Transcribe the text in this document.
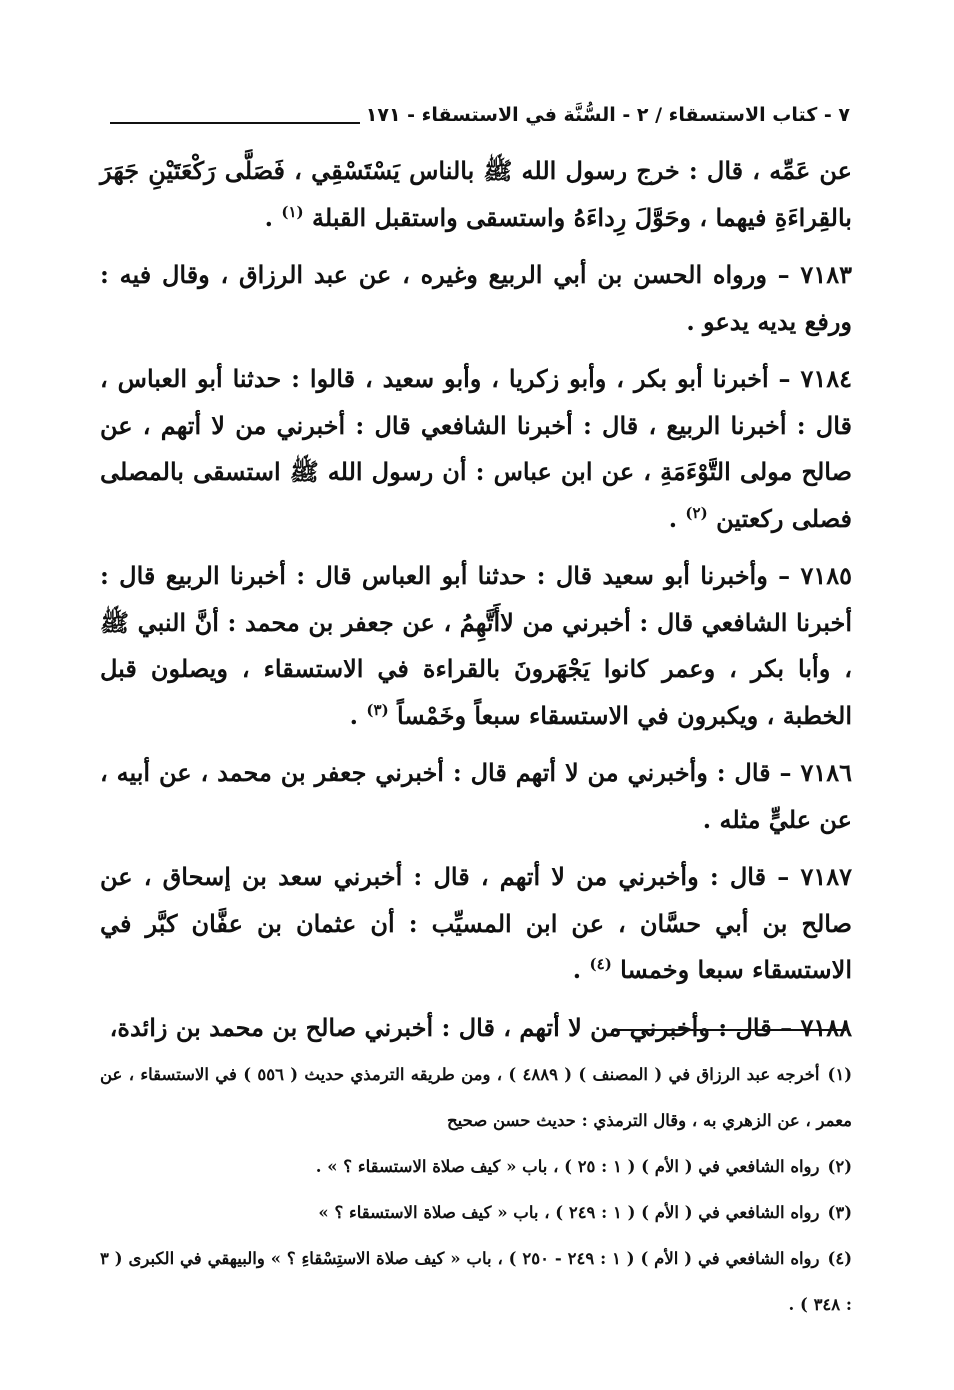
٧ - كتاب الاستسقاء / ٢ - السُّنَّة في الاستسقاء - ١٧١

عن عَمِّه ، قال : خرج رسول الله ﷺ بالناس يَسْتَسْقِي ، فَصَلَّى رَكْعَتَيْنِ جَهَرَ بالقِراءَةِ فيهما ، وحَوَّلَ رِداءَهُ واستسقى واستقبل القبلة $^{(١)}$ .

٧١٨٣ – ورواه الحسن بن أبي الربيع وغيره ، عن عبد الرزاق ، وقال فيه : ورفع يديه يدعو .

٧١٨٤ – أخبرنا أبو بكر ، وأبو زكريا ، وأبو سعيد ، قالوا : حدثنا أبو العباس ، قال : أخبرنا الربيع ، قال : أخبرنا الشافعي قال : أخبرني من لا أتهم ، عن صالح مولى التَّوْءَمَةِ ، عن ابن عباس : أن رسول الله ﷺ استسقى بالمصلى فصلى ركعتين $^{(٢)}$ .

٧١٨٥ – وأخبرنا أبو سعيد قال : حدثنا أبو العباس قال : أخبرنا الربيع قال : أخبرنا الشافعي قال : أخبرني من لاأَتَّهِمُ ، عن جعفر بن محمد : أنَّ النبي ﷺ ، وأبا بكر ، وعمر كانوا يَجْهَرونَ بالقراءة في الاستسقاء ، ويصلون قبل الخطبة ، ويكبرون في الاستسقاء سبعاً وخَمْساً $^{(٣)}$ .

٧١٨٦ – قال : وأخبرني من لا أتهم قال : أخبرني جعفر بن محمد ، عن أبيه ، عن عليٍّ مثله .

٧١٨٧ – قال : وأخبرني من لا أتهم ، قال : أخبرني سعد بن إسحاق ، عن صالح بن أبي حسَّان ، عن ابن المسيِّب : أن عثمان بن عفَّان كبَّر في الاستسقاء سبعا وخمسا $^{(٤)}$ .

٧١٨٨ – قال : وأخبرني من لا أتهم ، قال : أخبرني صالح بن محمد بن زائدة،

(١)أخرجه عبد الرزاق في ( المصنف ) ( ٤٨٨٩ ) ، ومن طريقه الترمذي حديث ( ٥٥٦ ) في الاستسقاء ، عن معمر ، عن الزهري به ، وقال الترمذي : حديث حسن صحيح

(٢)رواه الشافعي في ( الأم ) ( ١ : ٢٥ ) ، باب « كيف صلاة الاستسقاء ؟ » .

(٣)رواه الشافعي في ( الأم ) ( ١ : ٢٤٩ ) ، باب « كيف صلاة الاستسقاء ؟ »

(٤)رواه الشافعي في ( الأم ) ( ١ : ٢٤٩ - ٢٥٠ ) ، باب « كيف صلاة الاستِسْقاءِ ؟ » والبيهقي في الكبرى ( ٣ : ٣٤٨ ) .
